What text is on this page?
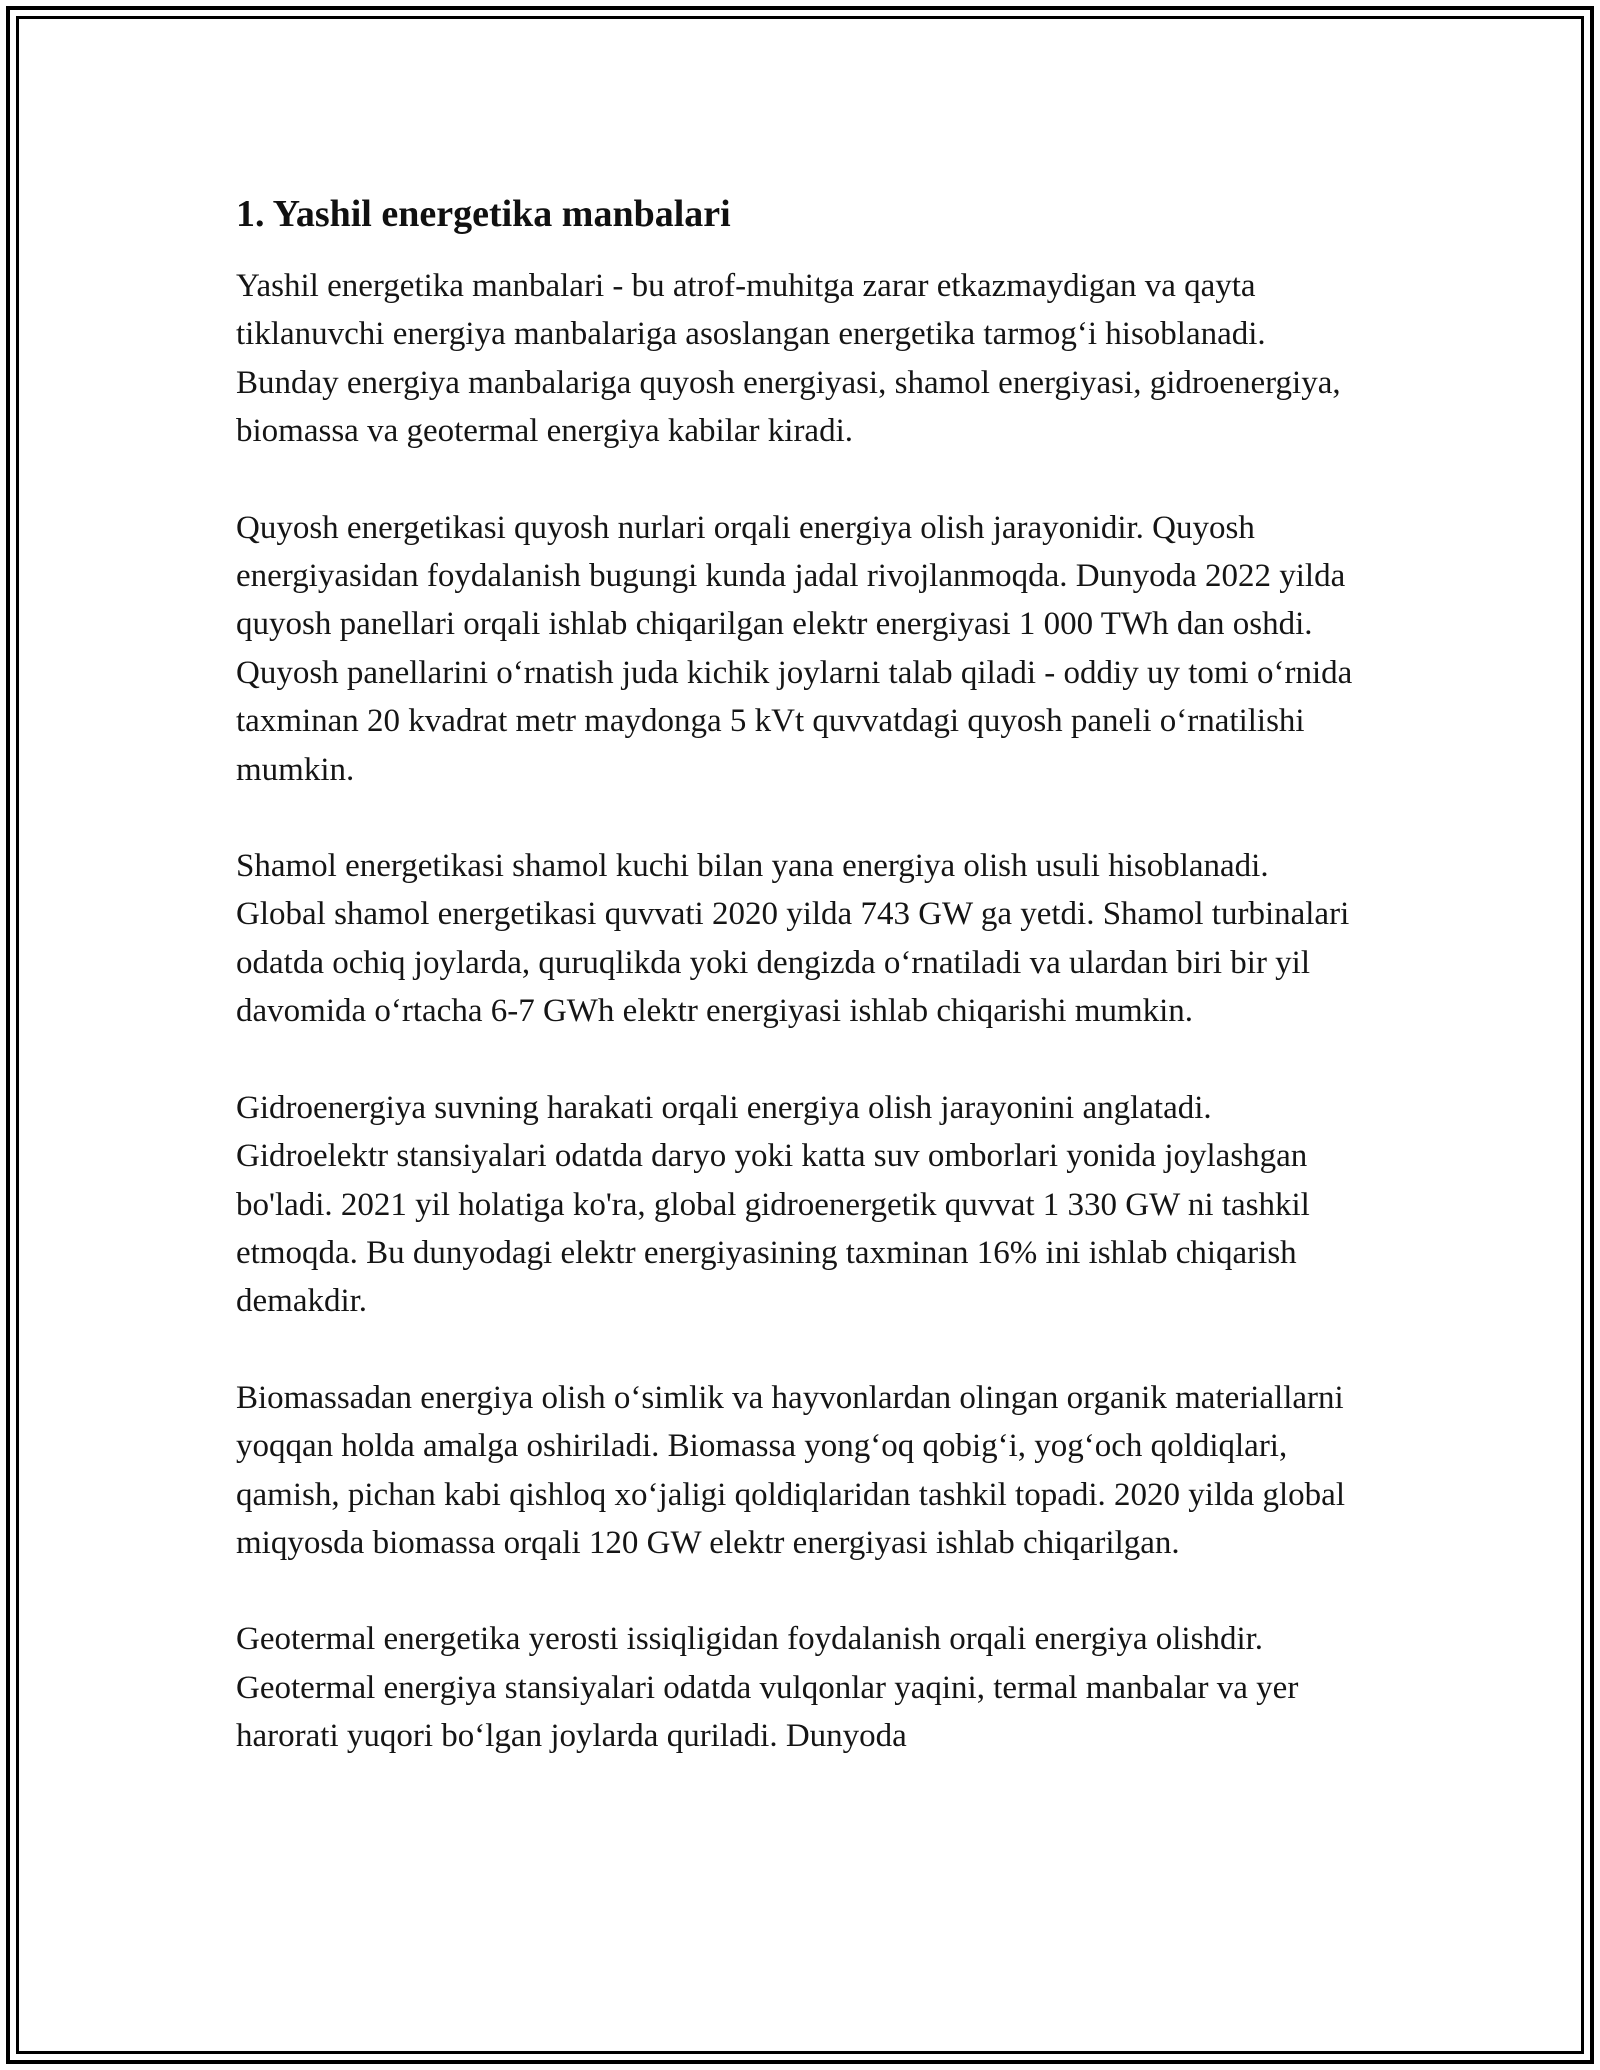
1. Yashil energetika manbalari

Yashil energetika manbalari - bu atrof-muhitga zarar etkazmaydigan va qayta tiklanuvchi energiya manbalariga asoslangan energetika tarmog‘i hisoblanadi. Bunday energiya manbalariga quyosh energiyasi, shamol energiyasi, gidroenergiya, biomassa va geotermal energiya kabilar kiradi.

Quyosh energetikasi quyosh nurlari orqali energiya olish jarayonidir. Quyosh energiyasidan foydalanish bugungi kunda jadal rivojlanmoqda. Dunyoda 2022 yilda quyosh panellari orqali ishlab chiqarilgan elektr energiyasi 1 000 TWh dan oshdi. Quyosh panellarini o‘rnatish juda kichik joylarni talab qiladi - oddiy uy tomi o‘rnida taxminan 20 kvadrat metr maydonga 5 kVt quvvatdagi quyosh paneli o‘rnatilishi mumkin.

Shamol energetikasi shamol kuchi bilan yana energiya olish usuli hisoblanadi. Global shamol energetikasi quvvati 2020 yilda 743 GW ga yetdi. Shamol turbinalari odatda ochiq joylarda, quruqlikda yoki dengizda o‘rnatiladi va ulardan biri bir yil davomida o‘rtacha 6-7 GWh elektr energiyasi ishlab chiqarishi mumkin.

Gidroenergiya suvning harakati orqali energiya olish jarayonini anglatadi. Gidroelektr stansiyalari odatda daryo yoki katta suv omborlari yonida joylashgan bo'ladi. 2021 yil holatiga ko'ra, global gidroenergetik quvvat 1 330 GW ni tashkil etmoqda. Bu dunyodagi elektr energiyasining taxminan 16% ini ishlab chiqarish demakdir.

Biomassadan energiya olish o‘simlik va hayvonlardan olingan organik materiallarni yoqqan holda amalga oshiriladi. Biomassa yong‘oq qobig‘i, yog‘och qoldiqlari, qamish, pichan kabi qishloq xo‘jaligi qoldiqlaridan tashkil topadi. 2020 yilda global miqyosda biomassa orqali 120 GW elektr energiyasi ishlab chiqarilgan.

Geotermal energetika yerosti issiqligidan foydalanish orqali energiya olishdir. Geotermal energiya stansiyalari odatda vulqonlar yaqini, termal manbalar va yer harorati yuqori bo‘lgan joylarda quriladi. Dunyoda
